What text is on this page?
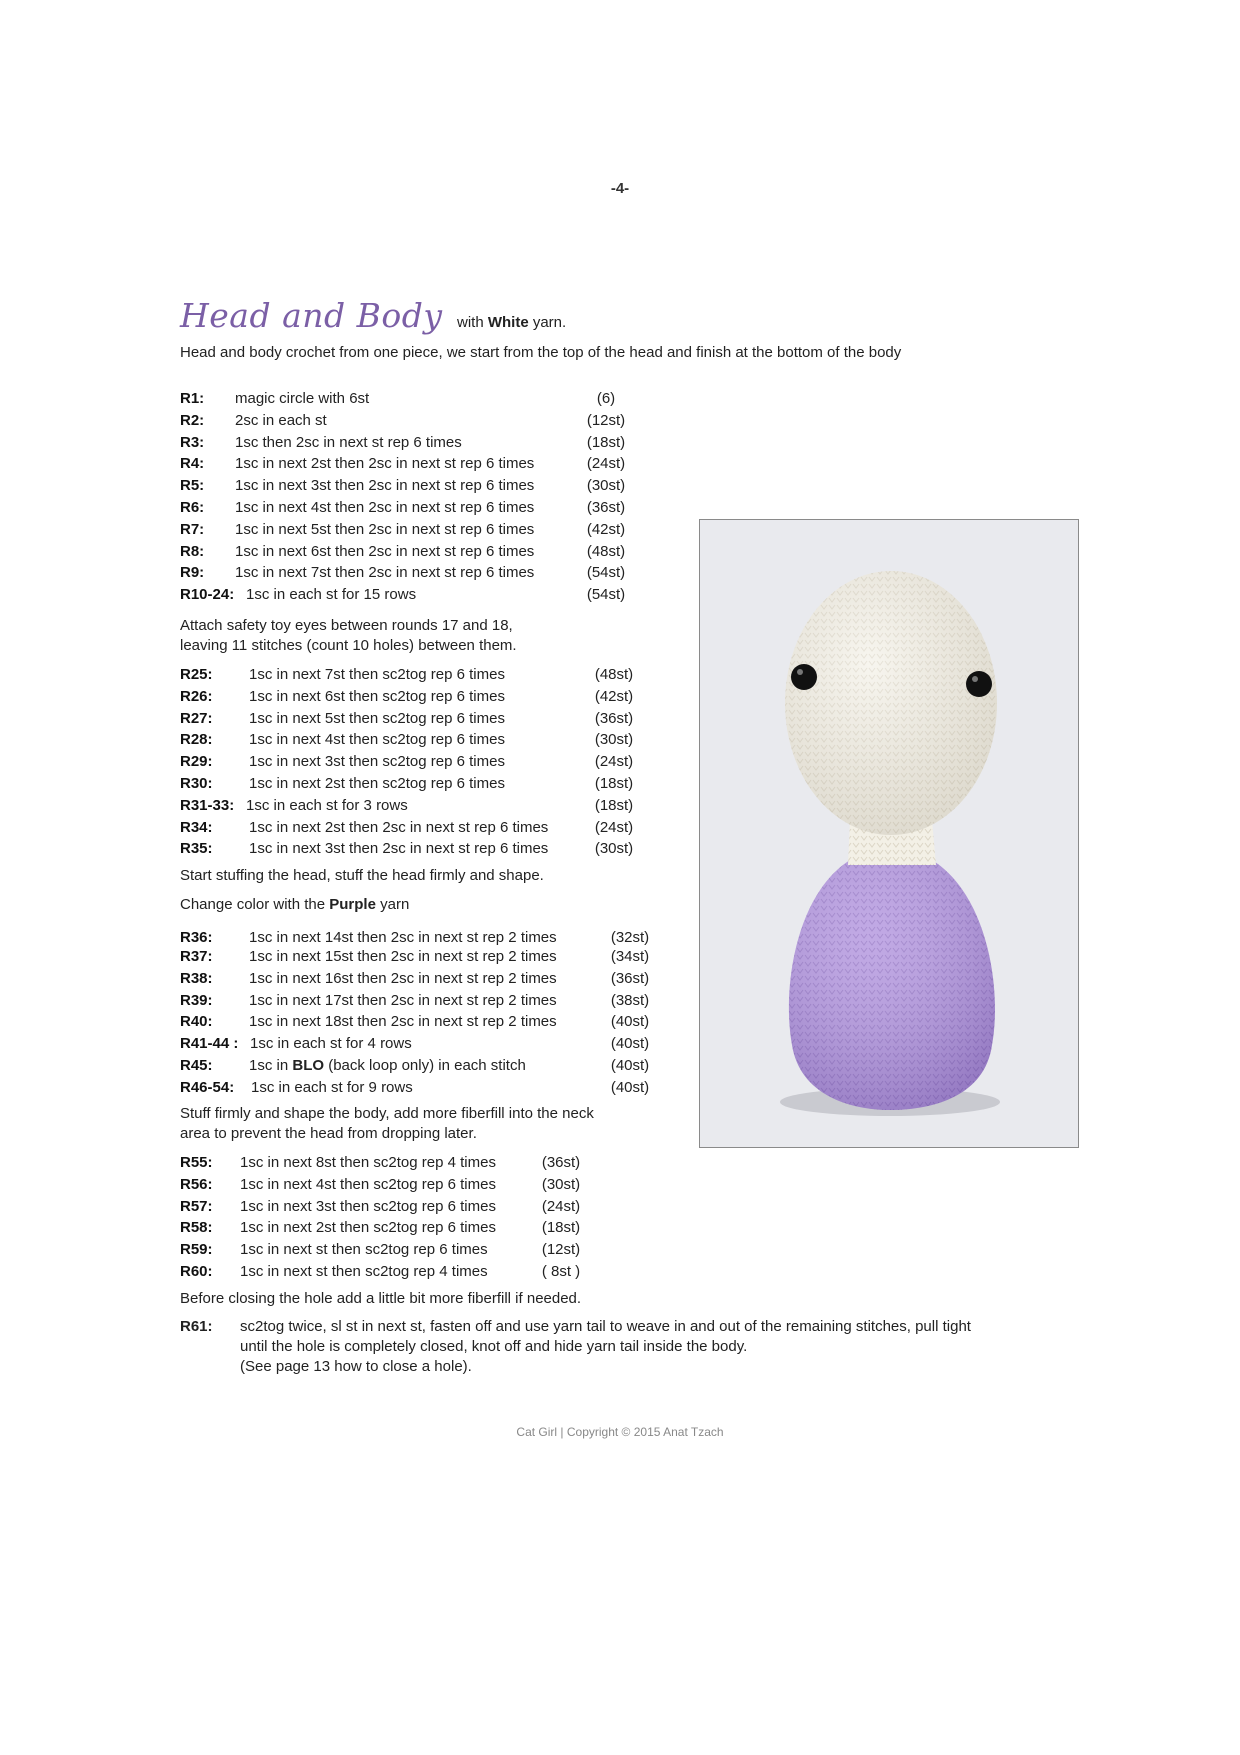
-4-
Head and Body with White yarn.
Head and body crochet from one piece, we start from the top of the head and finish at the bottom of the body
R1: magic circle with 6st	(6)
R2: 2sc in each st	(12st)
R3: 1sc then 2sc in next st rep 6 times	(18st)
R4: 1sc in next 2st then 2sc in next st rep 6 times	(24st)
R5: 1sc in next 3st then 2sc in next st rep 6 times	(30st)
R6: 1sc in next 4st then 2sc in next st rep 6 times	(36st)
R7: 1sc in next 5st then 2sc in next st rep 6 times	(42st)
R8: 1sc in next 6st then 2sc in next st rep 6 times	(48st)
R9: 1sc in next 7st then 2sc in next st rep 6 times	(54st)
R10-24: 1sc in each st for 15 rows	(54st)
Attach safety toy eyes between rounds 17 and 18,
leaving 11 stitches (count 10 holes) between them.
R25: 1sc in next 7st then sc2tog rep 6 times	(48st)
R26: 1sc in next 6st then sc2tog rep 6 times	(42st)
R27: 1sc in next 5st then sc2tog rep 6 times	(36st)
R28: 1sc in next 4st then sc2tog rep 6 times	(30st)
R29: 1sc in next 3st then sc2tog rep 6 times	(24st)
R30: 1sc in next 2st then sc2tog rep 6 times	(18st)
R31-33: 1sc in each st for 3 rows	(18st)
R34: 1sc in next 2st then 2sc in next st rep 6 times	(24st)
R35: 1sc in next 3st then 2sc in next st rep 6 times	(30st)
Start stuffing the head, stuff the head firmly and shape.
Change color with the Purple yarn
R36: 1sc in next 14st then 2sc in next st rep 2 times	(32st)
R37: 1sc in next 15st then 2sc in next st rep 2 times	(34st)
R38: 1sc in next 16st then 2sc in next st rep 2 times	(36st)
R39: 1sc in next 17st then 2sc in next st rep 2 times	(38st)
R40: 1sc in next 18st then 2sc in next st rep 2 times	(40st)
R41-44 : 1sc in each st for 4 rows	(40st)
R45: 1sc in BLO (back loop only) in each stitch	(40st)
R46-54: 1sc in each st for 9 rows	(40st)
Stuff firmly and shape the body, add more fiberfill into the neck
area to prevent the head from dropping later.
R55: 1sc in next 8st then sc2tog rep 4 times	(36st)
R56: 1sc in next 4st then sc2tog rep 6 times	(30st)
R57: 1sc in next 3st then sc2tog rep 6 times	(24st)
R58: 1sc in next 2st then sc2tog rep 6 times	(18st)
R59: 1sc in next st then sc2tog rep 6 times	(12st)
R60: 1sc in next st then sc2tog rep 4 times	( 8st )
Before closing the hole add a little bit more fiberfill if needed.
R61: sc2tog twice, sl st in next st, fasten off and use yarn tail to weave in and out of the remaining stitches, pull tight
until the hole is completely closed, knot off and hide yarn tail inside the body.
(See page 13 how to close a hole).
Cat Girl | Copyright © 2015 Anat Tzach
